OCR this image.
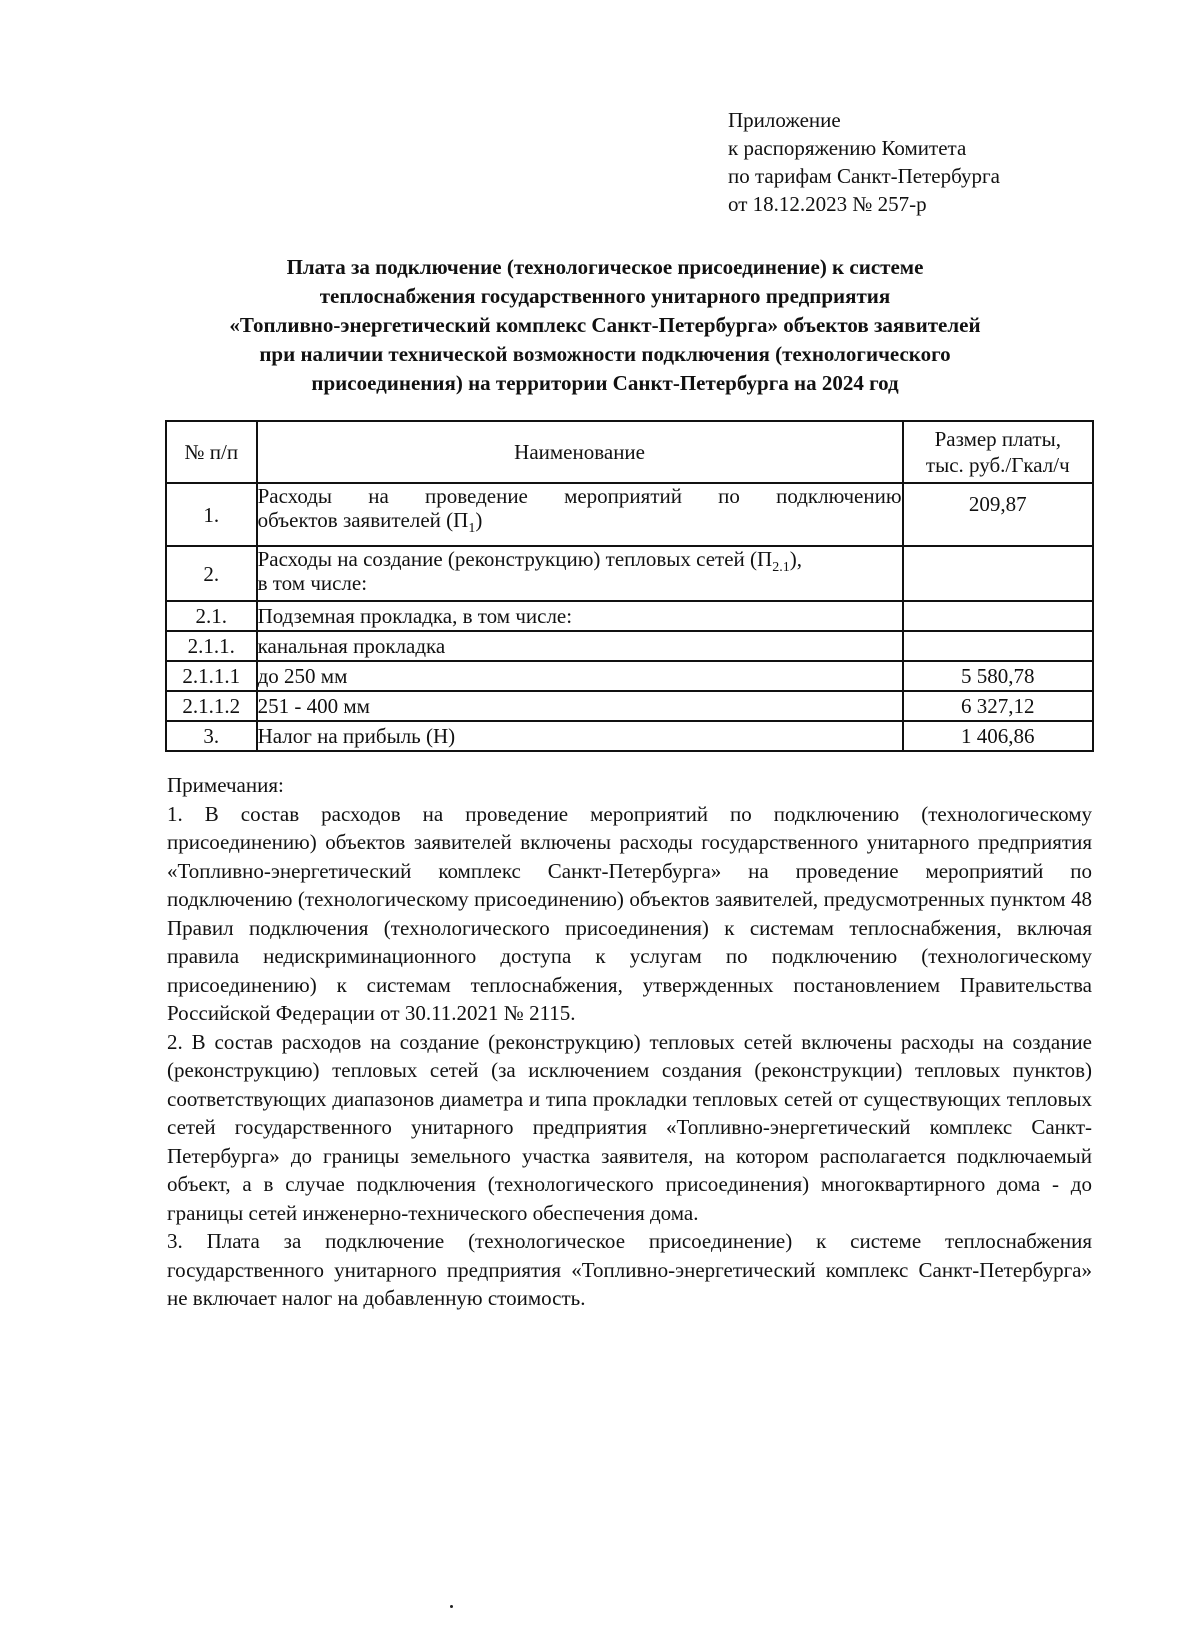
Приложение
к распоряжению Комитета
по тарифам Санкт-Петербурга
от 18.12.2023 № 257-р
Плата за подключение (технологическое присоединение) к системе
теплоснабжения государственного унитарного предприятия
«Топливно-энергетический комплекс Санкт-Петербурга» объектов заявителей
при наличии технической возможности подключения (технологического
присоединения) на территории Санкт-Петербурга на 2024 год
№ п/п	Наименование	Размер платы,
тыс. руб./Гкал/ч
1.	Расходы на проведение мероприятий по подключению
объектов заявителей $(П_1)$	209,87
2.	Расходы на создание (реконструкцию) тепловых сетей $(П_{2.1})$,
в том числе:	

2.1.	Подземная прокладка, в том числе:	
2.1.1.	канальная прокладка	
2.1.1.1	до 250 мм	5 580,78
2.1.1.2	251 - 400 мм	6 327,12
3.	Налог на прибыль (Н)	1 406,86
Примечания:

1. В состав расходов на проведение мероприятий по подключению (технологическому присоединению) объектов заявителей включены расходы государственного унитарного предприятия «Топливно-энергетический комплекс Санкт-Петербурга» на проведение мероприятий по подключению (технологическому присоединению) объектов заявителей, предусмотренных пунктом 48 Правил подключения (технологического присоединения) к системам теплоснабжения, включая правила недискриминационного доступа к услугам по подключению (технологическому присоединению) к системам теплоснабжения, утвержденных постановлением Правительства Российской Федерации от 30.11.2021 № 2115.

2. В состав расходов на создание (реконструкцию) тепловых сетей включены расходы на создание (реконструкцию) тепловых сетей (за исключением создания (реконструкции) тепловых пунктов) соответствующих диапазонов диаметра и типа прокладки тепловых сетей от существующих тепловых сетей государственного унитарного предприятия «Топливно-энергетический комплекс Санкт-Петербурга» до границы земельного участка заявителя, на котором располагается подключаемый объект, а в случае подключения (технологического присоединения) многоквартирного дома - до границы сетей инженерно-технического обеспечения дома.

3. Плата за подключение (технологическое присоединение) к системе теплоснабжения государственного унитарного предприятия «Топливно-энергетический комплекс Санкт-Петербурга» не включает налог на добавленную стоимость.
